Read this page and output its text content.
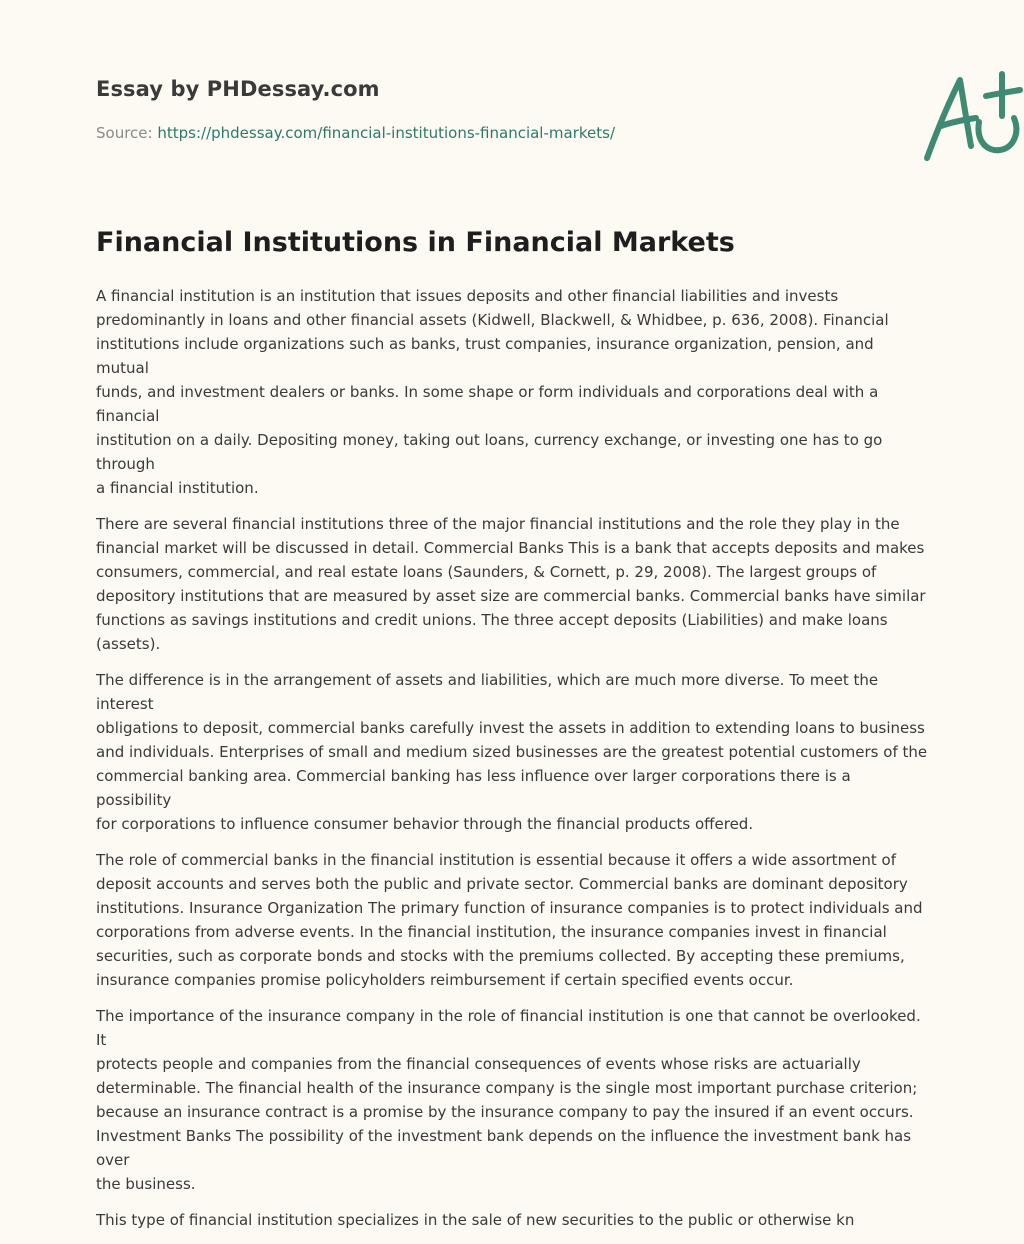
Essay by PHDessay.com
Source: https://phdessay.com/financial-institutions-financial-markets/
Financial Institutions in Financial Markets

A financial institution is an institution that issues deposits and other financial liabilities and invests
predominantly in loans and other financial assets (Kidwell, Blackwell, & Whidbee, p. 636, 2008). Financial
institutions include organizations such as banks, trust companies, insurance organization, pension, and mutual
funds, and investment dealers or banks. In some shape or form individuals and corporations deal with a financial
institution on a daily. Depositing money, taking out loans, currency exchange, or investing one has to go through
a financial institution.

There are several financial institutions three of the major financial institutions and the role they play in the
financial market will be discussed in detail. Commercial Banks This is a bank that accepts deposits and makes
consumers, commercial, and real estate loans (Saunders, & Cornett, p. 29, 2008). The largest groups of
depository institutions that are measured by asset size are commercial banks. Commercial banks have similar
functions as savings institutions and credit unions. The three accept deposits (Liabilities) and make loans
(assets).

The difference is in the arrangement of assets and liabilities, which are much more diverse. To meet the interest
obligations to deposit, commercial banks carefully invest the assets in addition to extending loans to business
and individuals. Enterprises of small and medium sized businesses are the greatest potential customers of the
commercial banking area. Commercial banking has less influence over larger corporations there is a possibility
for corporations to influence consumer behavior through the financial products offered.

The role of commercial banks in the financial institution is essential because it offers a wide assortment of
deposit accounts and serves both the public and private sector. Commercial banks are dominant depository
institutions. Insurance Organization The primary function of insurance companies is to protect individuals and
corporations from adverse events. In the financial institution, the insurance companies invest in financial
securities, such as corporate bonds and stocks with the premiums collected. By accepting these premiums,
insurance companies promise policyholders reimbursement if certain specified events occur.

The importance of the insurance company in the role of financial institution is one that cannot be overlooked. It
protects people and companies from the financial consequences of events whose risks are actuarially
determinable. The financial health of the insurance company is the single most important purchase criterion;
because an insurance contract is a promise by the insurance company to pay the insured if an event occurs.
Investment Banks The possibility of the investment bank depends on the influence the investment bank has over
the business.

This type of financial institution specializes in the sale of new securities to the public or otherwise kn
